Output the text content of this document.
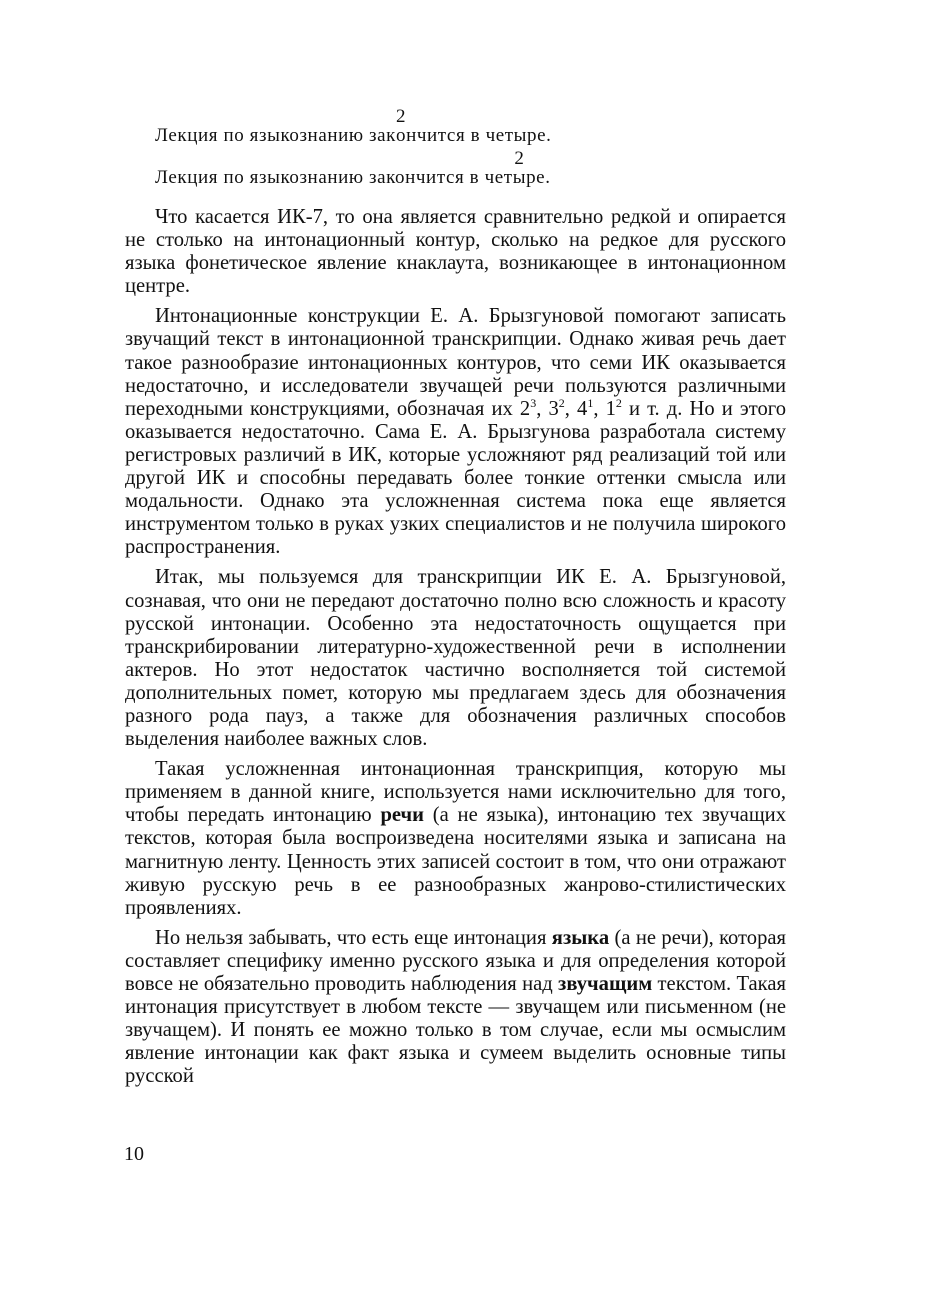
Лекция по языкознанию зак
2
ончится в четыре.
Лекция по языкознанию закончится в чет
2
ыре.

Что касается ИК-7, то она является сравнительно редкой и опирается не столько на интонационный контур, сколько на редкое для русского языка фонетическое явление кнаклаута, возникающее в интонационном центре.

Интонационные конструкции Е. А. Брызгуновой помогают записать звучащий текст в интонационной транскрипции. Однако живая речь дает такое разнообразие интонационных контуров, что семи ИК оказывается недостаточно, и исследователи звучащей речи пользуются различными переходными конструкциями, обозначая их $2^3$, $3^2$, $4^1$, $1^2$ и т. д. Но и этого оказывается недостаточно. Сама Е. А. Брызгунова разработала систему регистровых различий в ИК, которые усложняют ряд реализаций той или другой ИК и способны передавать более тонкие оттенки смысла или модальности. Однако эта усложненная система пока еще является инструментом только в руках узких специалистов и не получила широкого распространения.

Итак, мы пользуемся для транскрипции ИК Е. А. Брызгуновой, сознавая, что они не передают достаточно полно всю сложность и красоту русской интонации. Особенно эта недостаточность ощущается при транскрибировании литературно-художественной речи в исполнении актеров. Но этот недостаток частично восполняется той системой дополнительных помет, которую мы предлагаем здесь для обозначения разного рода пауз, а также для обозначения различных способов выделения наиболее важных слов.

Такая усложненная интонационная транскрипция, которую мы применяем в данной книге, используется нами исключительно для того, чтобы передать интонацию речи (а не языка), интонацию тех звучащих текстов, которая была воспроизведена носителями языка и записана на магнитную ленту. Ценность этих записей состоит в том, что они отражают живую русскую речь в ее разнообразных жанрово-стилистических проявлениях.

Но нельзя забывать, что есть еще интонация языка (а не речи), которая составляет специфику именно русского языка и для определения которой вовсе не обязательно проводить наблюдения над звучащим текстом. Такая интонация присутствует в любом тексте — звучащем или письменном (не звучащем). И понять ее можно только в том случае, если мы осмыслим явление интонации как факт языка и сумеем выделить основные типы русской

10
